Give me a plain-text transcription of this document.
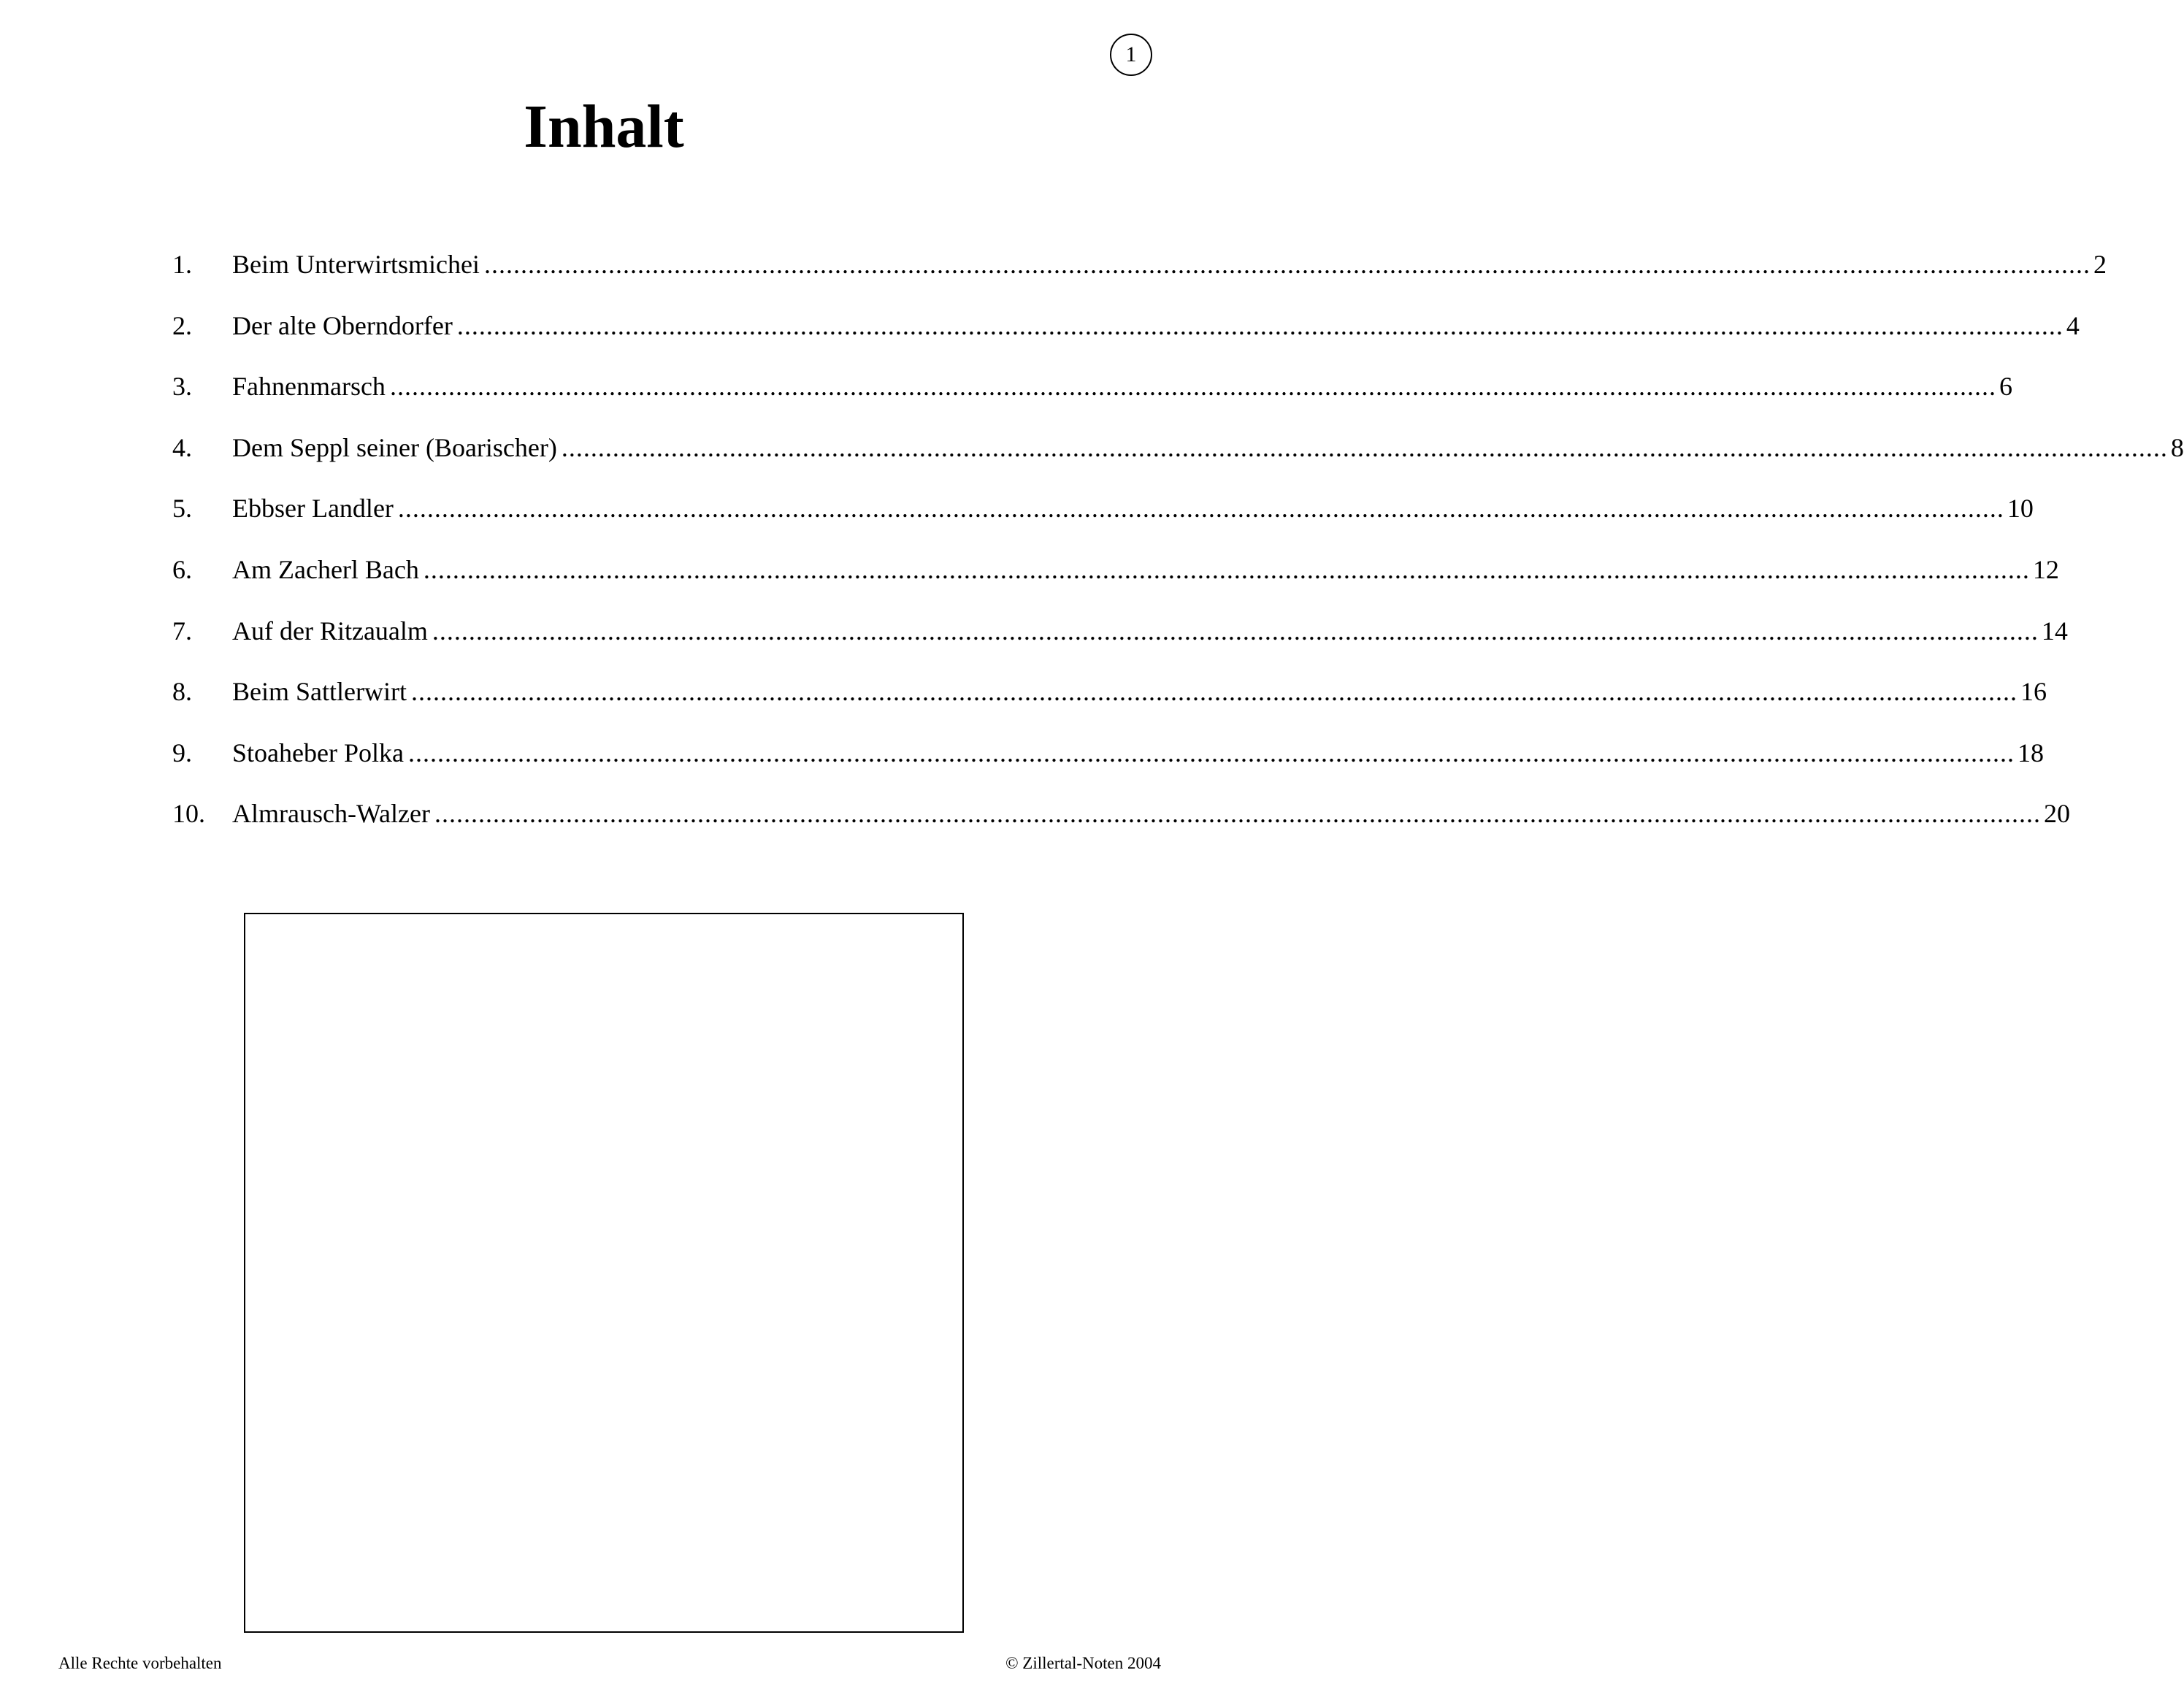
1
Inhalt
1.	Beim Unterwirtsmichei ............................................................................................................................................................................................................................ 2
2.	Der alte Oberndorfer ............................................................................................................................................................................................................................ 4
3.	Fahnenmarsch ............................................................................................................................................................................................................................ 6
4.	Dem Seppl seiner (Boarischer) ............................................................................................................................................................................................................................ 8
5.	Ebbser Landler ............................................................................................................................................................................................................................ 10
6.	Am Zacherl Bach ............................................................................................................................................................................................................................ 12
7.	Auf der Ritzaualm ............................................................................................................................................................................................................................ 14
8.	Beim Sattlerwirt ............................................................................................................................................................................................................................ 16
9.	Stoaheber Polka ............................................................................................................................................................................................................................ 18
10.	Almrausch-Walzer ............................................................................................................................................................................................................................ 20
Alle Rechte vorbehalten	© Zillertal-Noten 2004
